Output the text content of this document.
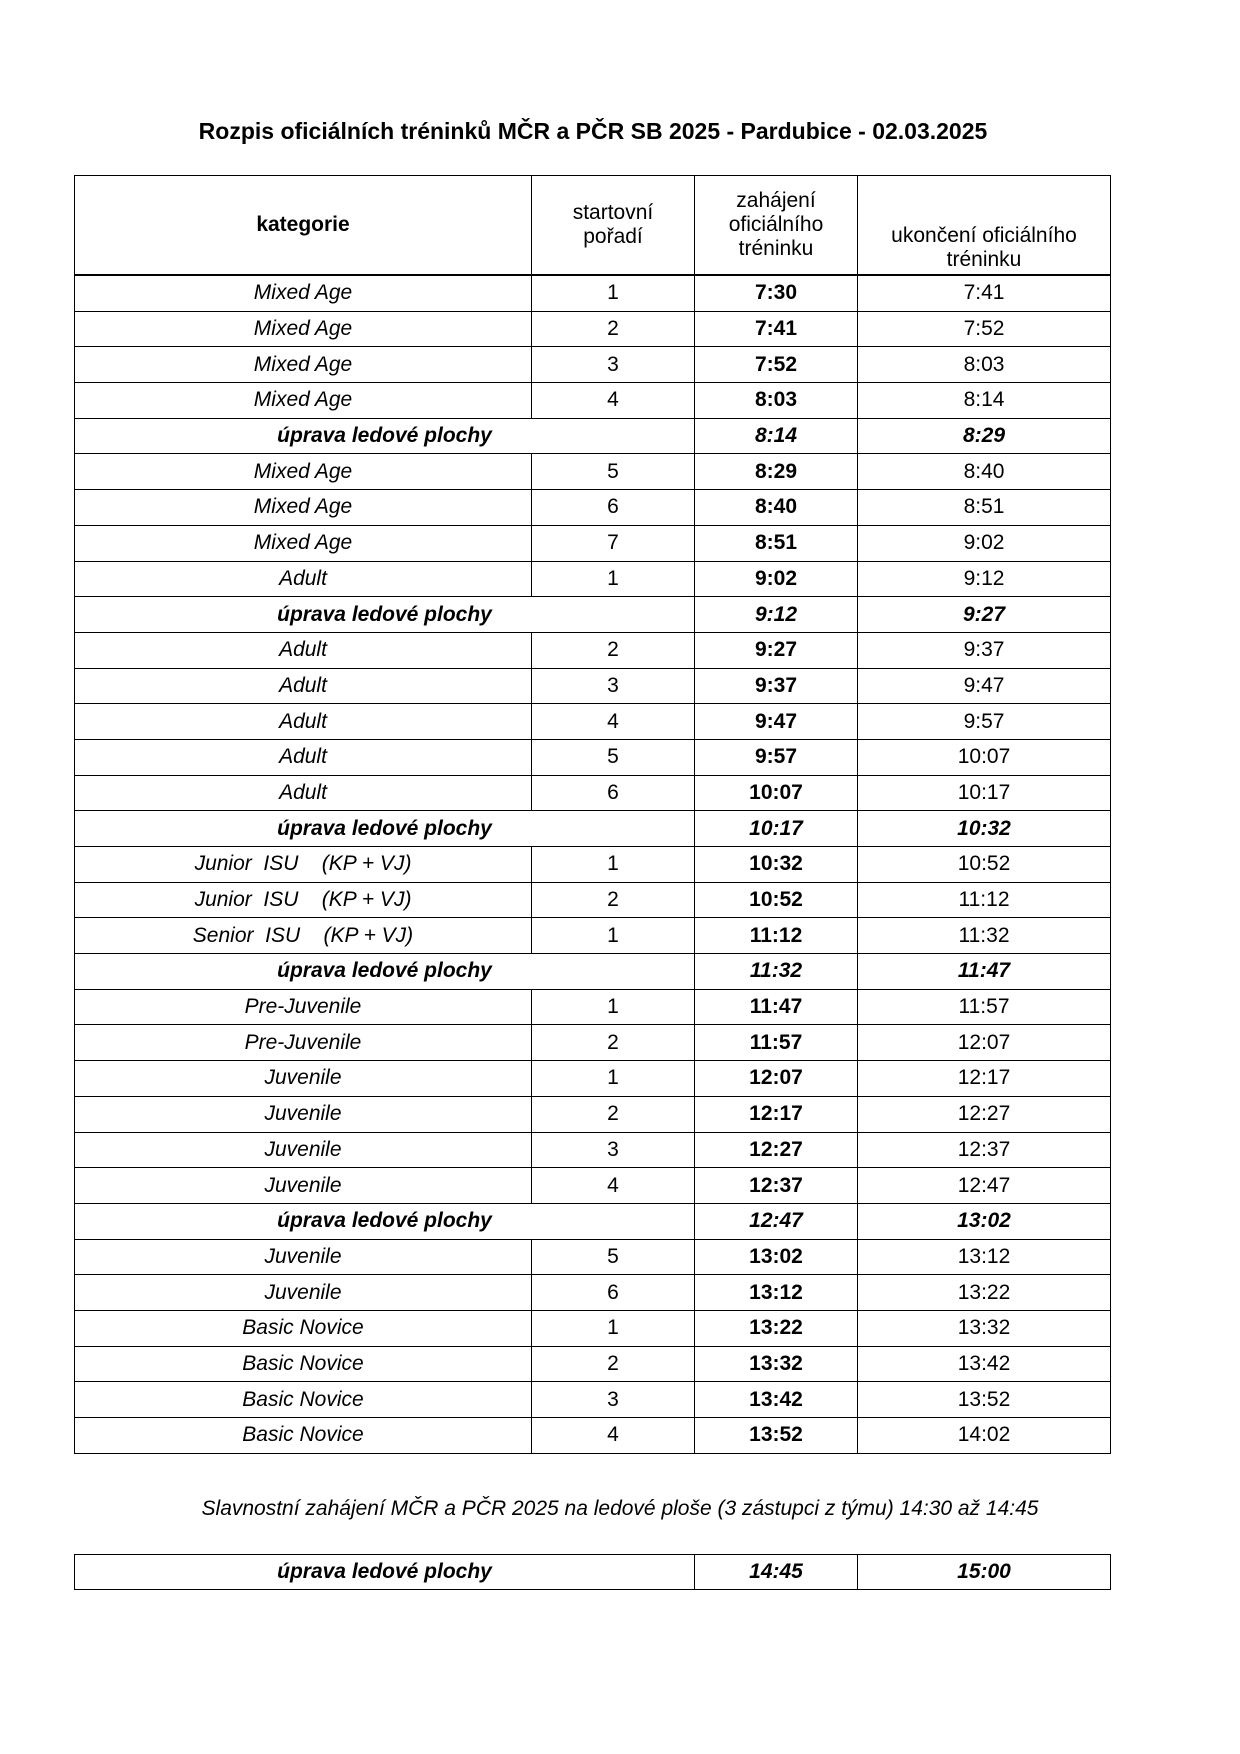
Rozpis oficiálních tréninků MČR a PČR SB 2025 - Pardubice - 02.03.2025
kategorie	startovní pořadí	zahájení oficiálního tréninku	ukončení oficiálního tréninku

Mixed Age	1	7:30	7:41
Mixed Age	2	7:41	7:52
Mixed Age	3	7:52	8:03
Mixed Age	4	8:03	8:14
úprava ledové plochy		8:14	8:29
Mixed Age	5	8:29	8:40
Mixed Age	6	8:40	8:51
Mixed Age	7	8:51	9:02
Adult	1	9:02	9:12
úprava ledové plochy		9:12	9:27
Adult	2	9:27	9:37
Adult	3	9:37	9:47
Adult	4	9:47	9:57
Adult	5	9:57	10:07
Adult	6	10:07	10:17
úprava ledové plochy		10:17	10:32
Junior  ISU    (KP + VJ)	1	10:32	10:52
Junior  ISU    (KP + VJ)	2	10:52	11:12
Senior  ISU    (KP + VJ)	1	11:12	11:32
úprava ledové plochy		11:32	11:47
Pre-Juvenile	1	11:47	11:57
Pre-Juvenile	2	11:57	12:07
Juvenile	1	12:07	12:17
Juvenile	2	12:17	12:27
Juvenile	3	12:27	12:37
Juvenile	4	12:37	12:47
úprava ledové plochy		12:47	13:02
Juvenile	5	13:02	13:12
Juvenile	6	13:12	13:22
Basic Novice	1	13:22	13:32
Basic Novice	2	13:32	13:42
Basic Novice	3	13:42	13:52
Basic Novice	4	13:52	14:02
Slavnostní zahájení MČR a PČR 2025 na ledové ploše (3 zástupci z týmu) 14:30 až 14:45
úprava ledové plochy	14:45	15:00
